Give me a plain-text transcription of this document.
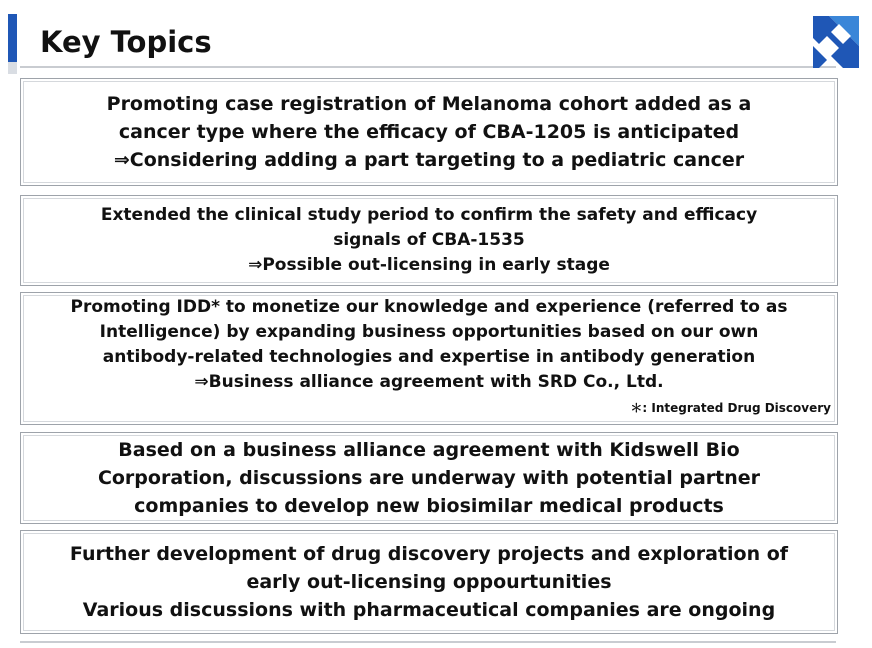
Key Topics
Promoting case registration of Melanoma cohort added as a
cancer type where the efficacy of CBA-1205 is anticipated
⇒Considering adding a part targeting to a pediatric cancer
Extended the clinical study period to confirm the safety and efficacy
signals of CBA-1535
⇒Possible out-licensing in early stage
Promoting IDD* to monetize our knowledge and experience (referred to as
Intelligence) by expanding business opportunities based on our own
antibody-related technologies and expertise in antibody generation
⇒Business alliance agreement with SRD Co., Ltd.
＊: Integrated Drug Discovery
Based on a business alliance agreement with Kidswell Bio
Corporation, discussions are underway with potential partner
companies to develop new biosimilar medical products
Further development of drug discovery projects and exploration of
early out-licensing oppourtunities
Various discussions with pharmaceutical companies are ongoing
